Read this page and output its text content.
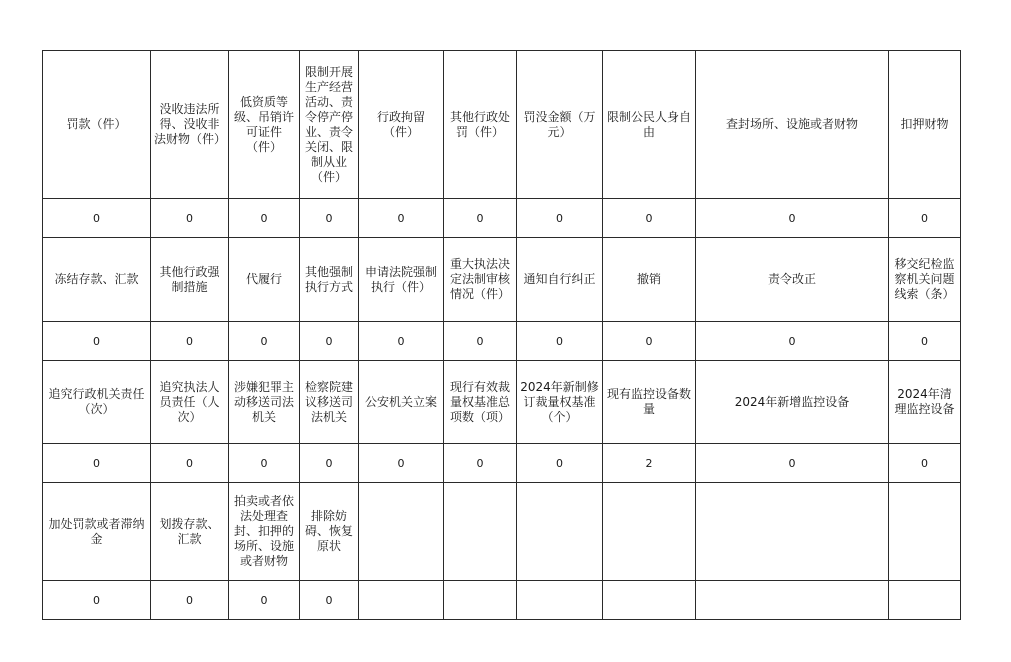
罚款（件）	没收违法所得、没收非法财物（件）	低资质等级、吊销许可证件（件）	限制开展生产经营活动、责令停产停业、责令关闭、限制从业（件）	行政拘留（件）	其他行政处罚（件）	罚没金额（万元）	限制公民人身自由	查封场所、设施或者财物	扣押财物
0	0	0	0	0	0	0	0	0	0
冻结存款、汇款	其他行政强制措施	代履行	其他强制执行方式	申请法院强制执行（件）	重大执法决定法制审核情况（件）	通知自行纠正	撤销	责令改正	移交纪检监察机关问题线索（条）
0	0	0	0	0	0	0	0	0	0
追究行政机关责任（次）	追究执法人员责任（人次）	涉嫌犯罪主动移送司法机关	检察院建议移送司法机关	公安机关立案	现行有效裁量权基准总项数（项）	2024年新制修订裁量权基准（个）	现有监控设备数量	2024年新增监控设备	2024年清理监控设备
0	0	0	0	0	0	0	2	0	0
加处罚款或者滞纳金	划拨存款、汇款	拍卖或者依法处理查封、扣押的场所、设施或者财物	排除妨碍、恢复原状						
0	0	0	0						
